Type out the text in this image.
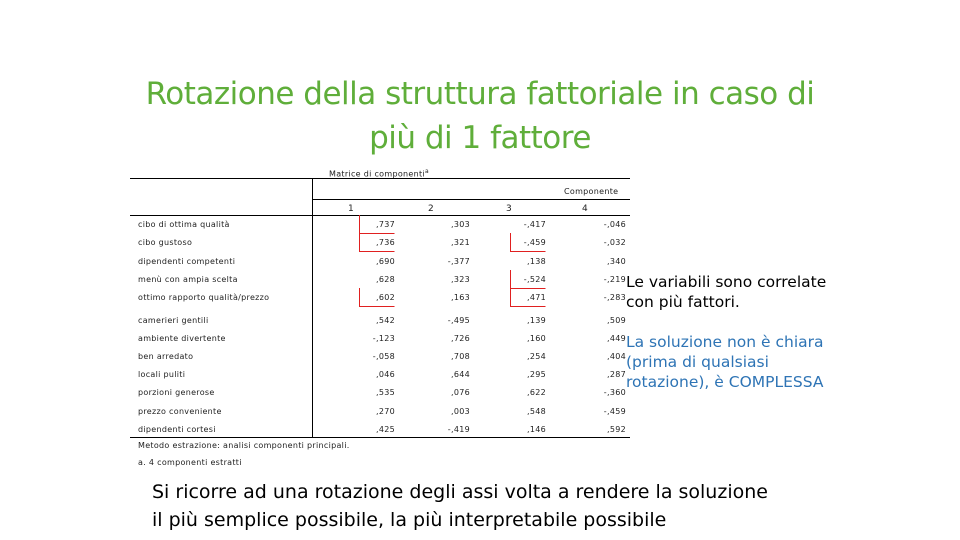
Rotazione della struttura fattoriale in caso di
più di 1 fattore
Matrice di componenti$^a$
Componente
1	2	3	4
cibo di ottima qualità	,737	,303	-,417	-,046
cibo gustoso	,736	,321	-,459	-,032
dipendenti competenti	,690	-,377	,138	,340
menù con ampia scelta	,628	,323	-,524	-,219
ottimo rapporto qualità/prezzo	,602	,163	,471	-,283
camerieri gentili	,542	-,495	,139	,509
ambiente divertente	-,123	,726	,160	,449
ben arredato	-,058	,708	,254	,404
locali puliti	,046	,644	,295	,287
porzioni generose	,535	,076	,622	-,360
prezzo conveniente	,270	,003	,548	-,459
dipendenti cortesi	,425	-,419	,146	,592
Metodo estrazione: analisi componenti principali.
a. 4 componenti estratti
Le variabili sono correlate
con più fattori.
La soluzione non è chiara
(prima di qualsiasi
rotazione), è COMPLESSA
Si ricorre ad una rotazione degli assi volta a rendere la soluzione
il più semplice possibile, la più interpretabile possibile
